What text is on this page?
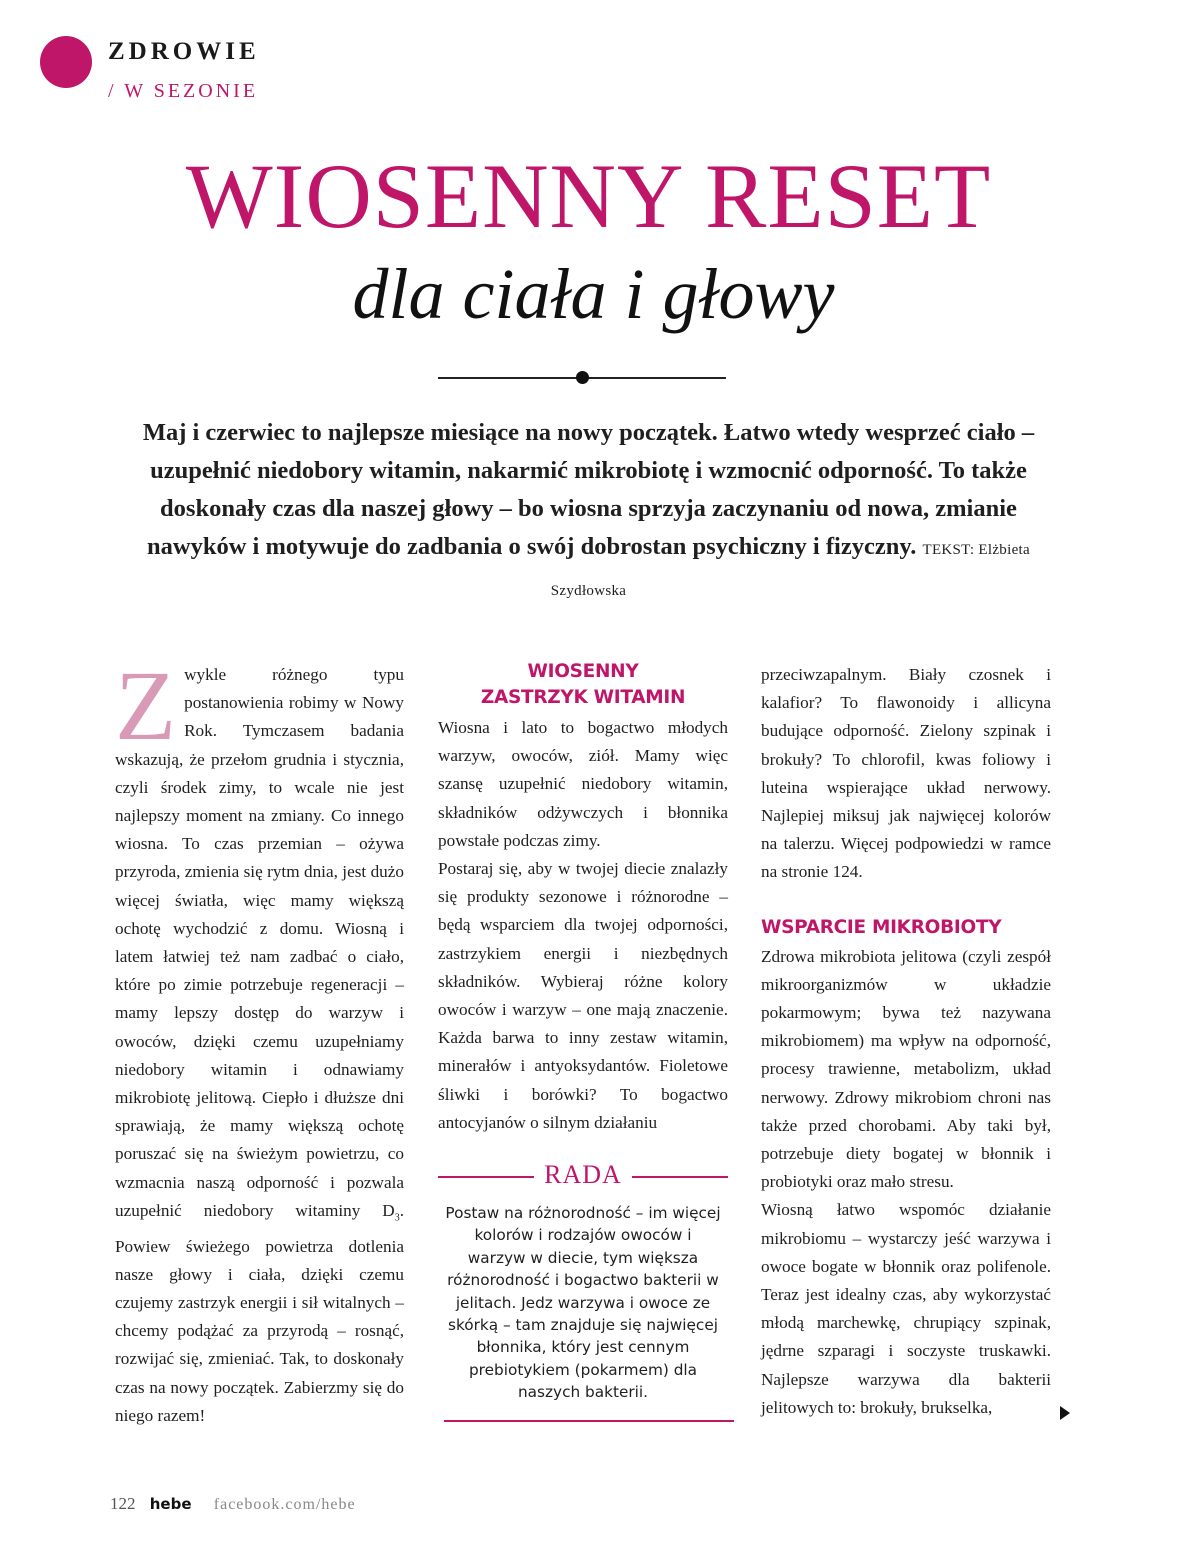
ZDROWIE
/ W SEZONIE
WIOSENNY RESET
dla ciała i głowy
Maj i czerwiec to najlepsze miesiące na nowy początek. Łatwo wtedy wesprzeć ciało – uzupełnić niedobory witamin, nakarmić mikrobiotę i wzmocnić odporność. To także doskonały czas dla naszej głowy – bo wiosna sprzyja zaczynaniu od nowa, zmianie nawyków i motywuje do zadbania o swój dobrostan psychiczny i fizyczny. TEKST: Elżbieta Szydłowska

Zwykle różnego typu postanowienia robimy w Nowy Rok. Tymczasem badania wskazują, że przełom grudnia i stycznia, czyli środek zimy, to wcale nie jest najlepszy moment na zmiany. Co innego wiosna. To czas przemian – ożywa przyroda, zmienia się rytm dnia, jest dużo więcej światła, więc mamy większą ochotę wychodzić z domu. Wiosną i latem łatwiej też nam zadbać o ciało, które po zimie potrzebuje regeneracji – mamy lepszy dostęp do warzyw i owoców, dzięki czemu uzupełniamy niedobory witamin i odnawiamy mikrobiotę jelitową. Ciepło i dłuższe dni sprawiają, że mamy większą ochotę poruszać się na świeżym powietrzu, co wzmacnia naszą odporność i pozwala uzupełnić niedobory witaminy $D_3$. Powiew świeżego powietrza dotlenia nasze głowy i ciała, dzięki czemu czujemy zastrzyk energii i sił witalnych – chcemy podążać za przyrodą – rosnąć, rozwijać się, zmieniać. Tak, to doskonały czas na nowy początek. Zabierzmy się do niego razem!

WIOSENNY
ZASTRZYK WITAMIN

Wiosna i lato to bogactwo młodych warzyw, owoców, ziół. Mamy więc szansę uzupełnić niedobory witamin, składników odżywczych i błonnika powstałe podczas zimy.

Postaraj się, aby w twojej diecie znalazły się produkty sezonowe i różnorodne – będą wsparciem dla twojej odporności, zastrzykiem energii i niezbędnych składników. Wybieraj różne kolory owoców i warzyw – one mają znaczenie. Każda barwa to inny zestaw witamin, minerałów i antyoksydantów. Fioletowe śliwki i borówki? To bogactwo antocyjanów o silnym działaniu

RADA

Postaw na różnorodność – im więcej kolorów i rodzajów owoców i warzyw w diecie, tym większa różnorodność i bogactwo bakterii w jelitach. Jedz warzywa i owoce ze skórką – tam znajduje się najwięcej błonnika, który jest cennym prebiotykiem (pokarmem) dla naszych bakterii.

przeciwzapalnym. Biały czosnek i kalafior? To flawonoidy i allicyna budujące odporność. Zielony szpinak i brokuły? To chlorofil, kwas foliowy i luteina wspierające układ nerwowy. Najlepiej miksuj jak najwięcej kolorów na talerzu. Więcej podpowiedzi w ramce na stronie 124.

WSPARCIE MIKROBIOTY

Zdrowa mikrobiota jelitowa (czyli zespół mikroorganizmów w układzie pokarmowym; bywa też nazywana mikrobiomem) ma wpływ na odporność, procesy trawienne, metabolizm, układ nerwowy. Zdrowy mikrobiom chroni nas także przed chorobami. Aby taki był, potrzebuje diety bogatej w błonnik i probiotyki oraz mało stresu.

Wiosną łatwo wspomóc działanie mikrobiomu – wystarczy jeść warzywa i owoce bogate w błonnik oraz polifenole. Teraz jest idealny czas, aby wykorzystać młodą marchewkę, chrupiący szpinak, jędrne szparagi i soczyste truskawki. Najlepsze warzywa dla bakterii jelitowych to: brokuły, brukselka,

122 hebe facebook.com/hebe
